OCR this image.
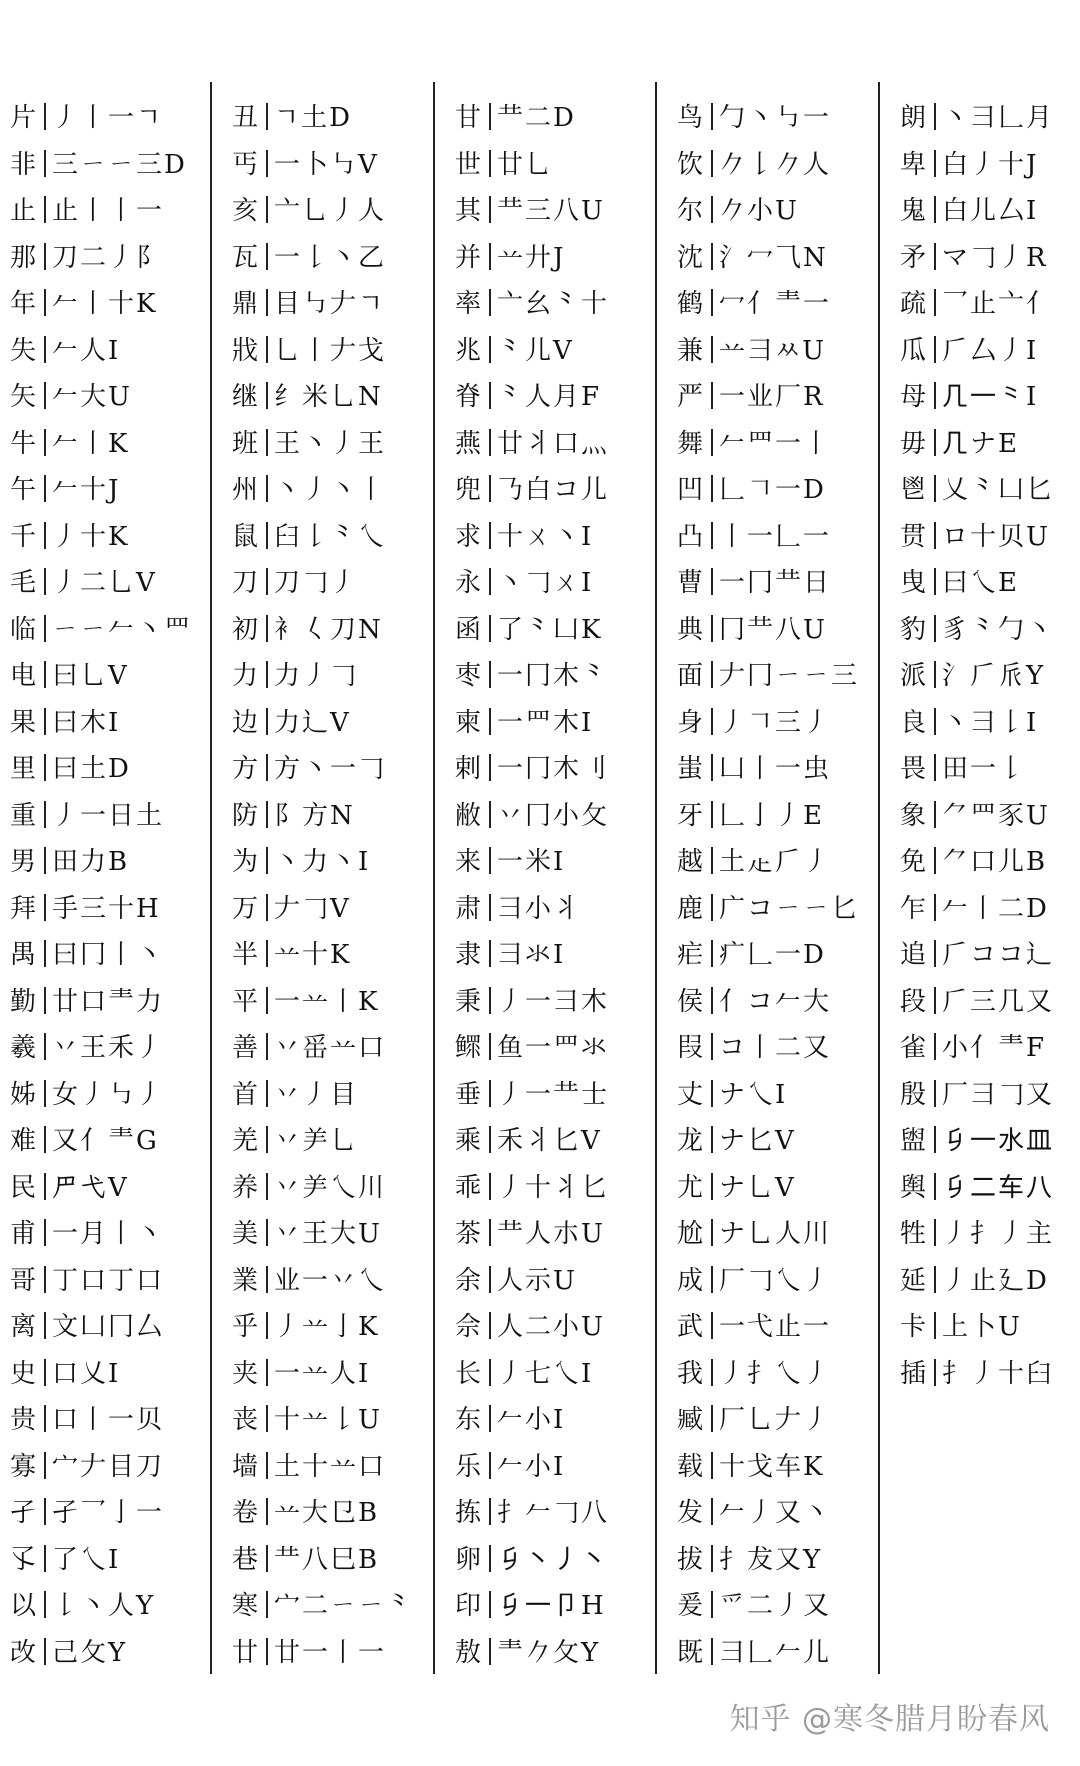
片 丿丨一ㄱ
非 三ㄧㄧ三D
止 止丨丨一
那 刀二丿阝
年 𠂉丨十K
失 𠂉人I
矢 𠂉大U
牛 𠂉丨K
午 𠂉十J
千 丿十K
毛 丿二乚V
临 ㄧㄧ𠂉丶罒
电 曰乚V
果 曰木I
里 曰土D
重 丿一日土
男 田力B
拜 手三十H
禺 曰冂丨丶
勤 廿口龶力
羲 丷王禾丿
姊 女丿㇉丿
难 又亻龶G
民 𠃜弋V
甫 一月丨丶
哥 丁口丁口
离 文凵冂厶
史 口乂I
贵 口丨一贝
寡 宀𠂇目刀
孑 孑乛亅一
孓 了乀I
以 𠄌丶人Y
改 己攵Y
丑 ㄱ土D
丐 一卜㇉V
亥 亠乚丿人
瓦 一𠄌丶乙
鼎 目㇉𠂇ㄱ
戕 乚丨𠂇戈
继 纟米乚N
班 王丶丿王
州 丶丿丶丨
鼠 臼𠄌⺀乀
刀 刀𠃌丿
初 衤𡿨刀N
力 力丿𠃌
边 力辶V
方 方丶一𠃌
防 阝方N
为 丶力丶I
万 𠂇𠃌V
半 䒑十K
平 一䒑丨K
善 丷䍃䒑口
首 丷丿目
羌 丷⺶乚
养 丷⺶乀川
美 丷王大U
業 业一丷乀
乎 丿䒑亅K
夹 一䒑人I
丧 十䒑𠄌U
墙 土十䒑口
卷 䒑大㔾B
巷 龷八巳B
寒 宀二ㄧㄧ⺀
廿 廿一丨一
甘 龷二D
世 廿乚
其 龷三八U
并 䒑廾J
率 亠幺⺀十
兆 ⺀儿V
脊 ⺀人月F
燕 廿丬口灬
兜 𠄎白コ儿
求 十ㄨ丶I
永 丶𠃌ㄨI
函 了⺀凵K
枣 一冂木⺀
柬 一罒木I
剌 一冂木刂
敝 丷冂小攵
来 一米I
肃 ⺕小丬
隶 ⺕氺I
秉 丿一⺕木
鳏 鱼一罒氺
垂 丿一龷士
乘 禾丬匕V
乖 丿十丬匕
茶 龷人朩U
余 人示U
佘 人二小U
长 丿七乀I
东 𠂉小I
乐 𠂉小I
拣 扌𠂉𠃌八
卵 𠂎丶丿丶
印 𠂎一卩H
敖 龶𠂊攵Y
鸟 勹丶㇉一
饮 𠂊𠄌𠂊人
尔 𠂊小U
沈 氵冖⺄N
鹤 冖亻龶一
兼 䒑⺕ㅆU
严 一业厂R
舞 𠂉罒一丨
凹 𠃊𠃍一D
凸 丨一𠃊一
曹 一冂龷日
典 冂龷八U
面 𠂇冂ㄧㄧ三
身 丿𠃍三丿
蚩 凵丨一虫
牙 𠃊亅丿E
越 土龰𠂆丿
鹿 广コㄧㄧ匕
疟 疒𠃊一D
侯 亻コ𠂉大
叚 コ丨二又
丈 ナ乀I
龙 ナ匕V
尤 ナ乚V
尬 ナ乚人川
成 厂𠃌乀丿
武 一弋止一
我 丿扌乀丿
臧 厂乚𠂇丿
载 十戈车K
发 𠂉丿又丶
拔 扌犮又Y
爰 爫二丿又
既 彐𠃊𠂉儿
朗 丶彐𠃊月
卑 白丿十J
鬼 白儿厶I
矛 マ𠃌丿R
疏 乛止亠⺅
瓜 𠂆厶丿I
母 𠘧一⺀I
毋 𠘧ナE
鬯 乂⺀凵匕
贯 ロ十贝U
曳 曰乀E
豹 豸⺀勹丶
派 氵𠂆𠂢Y
良 丶彐𠄌I
畏 田一𠄌
象 ⺈罒豕U
免 ⺈口儿B
乍 𠂉丨二D
追 𠂆ココ辶
段 𠂆三几又
雀 小亻龶F
殷 厂彐𠃌又
盥 𠂎一水皿
舆 𠂎二车八
牲 丿扌丿主
延 丿止廴D
卡 上卜U
插 扌丿十臼
知乎 @寒冬腊月盼春风
